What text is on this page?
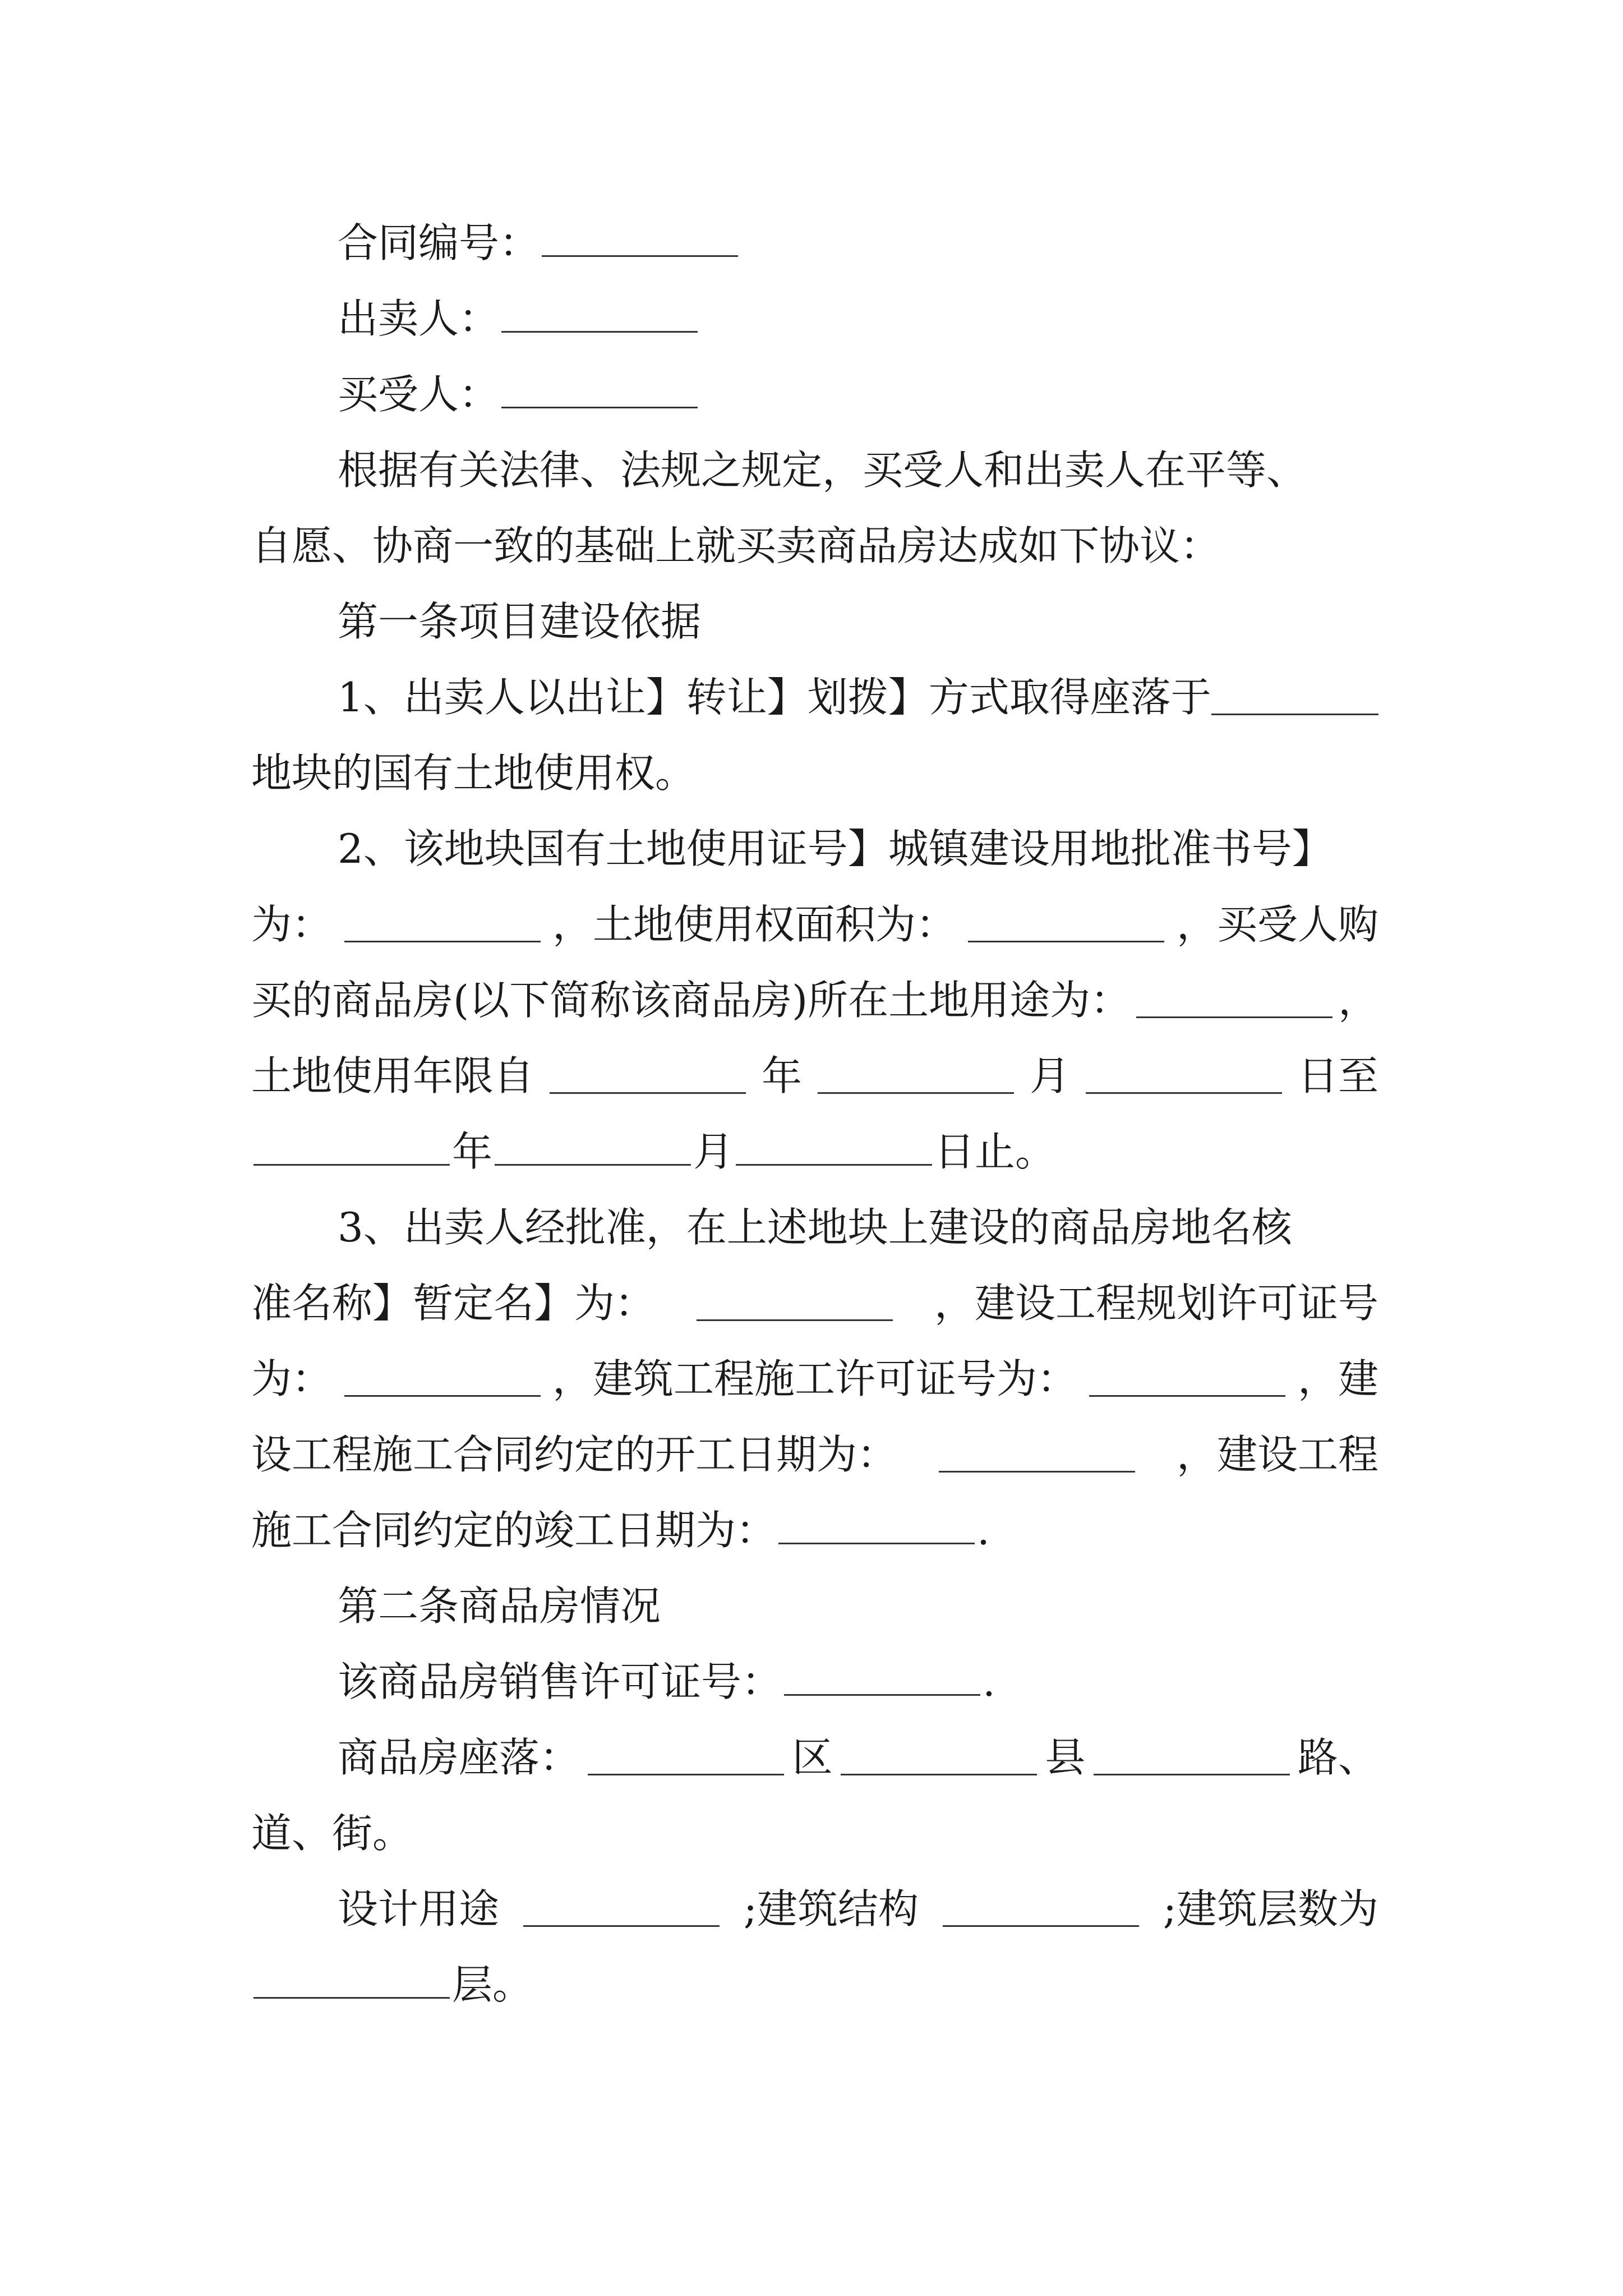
合同编号：
出卖人：
买受人：
根据有关法律、法规之规定，买受人和出卖人在平等、
自愿、协商一致的基础上就买卖商品房达成如下协议：
第一条项目建设依据
1、出卖人以出让】转让】划拨】方式取得座落于
地块的国有土地使用权。
2、该地块国有土地使用证号】城镇建设用地批准书号】
为：	，土地使用权面积为：	，买受人购
买的商品房(以下简称该商品房)所在土地用途为：	，
土地使用年限自	年	月	日至
年	月	日止。
3、出卖人经批准，在上述地块上建设的商品房地名核
准名称】暂定名】为：	，建设工程规划许可证号
为：	，建筑工程施工许可证号为：	，建
设工程施工合同约定的开工日期为：	，建设工程
施工合同约定的竣工日期为：	.
第二条商品房情况
该商品房销售许可证号：	.
商品房座落：	区	县	路、
道、街。
设计用途	;建筑结构	;建筑层数为
层。
